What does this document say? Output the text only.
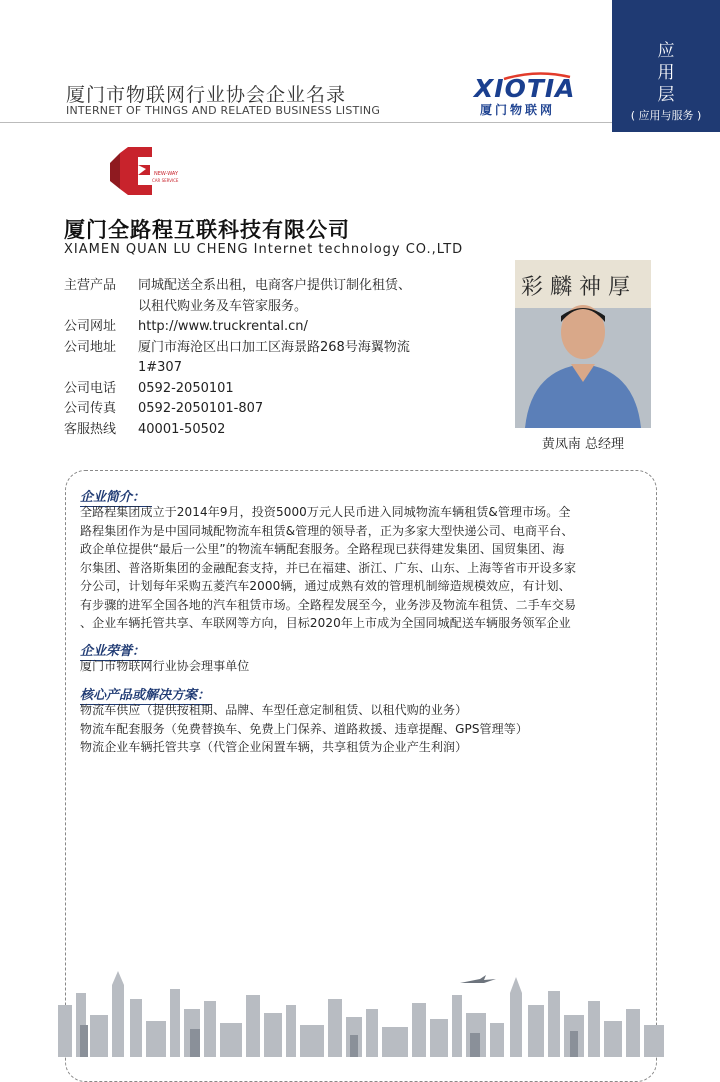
厦门市物联网行业协会企业名录
INTERNET OF THINGS AND RELATED BUSINESS LISTING
XIOTIA
厦门物联网
应
用
层
( 应用与服务 )
NEW-WAY
CAR SERVICE
厦门全路程互联科技有限公司
XIAMEN QUAN LU CHENG Internet technology CO.,LTD
主营产品	同城配送全系出租，电商客户提供订制化租赁、
以租代购业务及车管家服务。
公司网址	http://www.truckrental.cn/
公司地址	厦门市海沧区出口加工区海景路268号海翼物流
1#307
公司电话	0592-2050101
公司传真	0592-2050101-807
客服热线	40001-50502
彩 麟 神 厚
黄凤南 总经理
企业简介：
全路程集团成立于2014年9月，投资5000万元人民币进入同城物流车辆租赁&管理市场。全
路程集团作为是中国同城配物流车租赁&管理的领导者，正为多家大型快递公司、电商平台、
政企单位提供“最后一公里”的物流车辆配套服务。全路程现已获得建发集团、国贸集团、海
尔集团、普洛斯集团的金融配套支持，并已在福建、浙江、广东、山东、上海等省市开设多家
分公司，计划每年采购五菱汽车2000辆，通过成熟有效的管理机制缔造规模效应，有计划、
有步骤的进军全国各地的汽车租赁市场。全路程发展至今，业务涉及物流车租赁、二手车交易
、企业车辆托管共享、车联网等方向，目标2020年上市成为全国同城配送车辆服务领军企业
企业荣誉：
厦门市物联网行业协会理事单位
核心产品或解决方案：
物流车供应（提供按租期、品牌、车型任意定制租赁、以租代购的业务）
物流车配套服务（免费替换车、免费上门保养、道路救援、违章提醒、GPS管理等）
物流企业车辆托管共享（代管企业闲置车辆，共享租赁为企业产生利润）
